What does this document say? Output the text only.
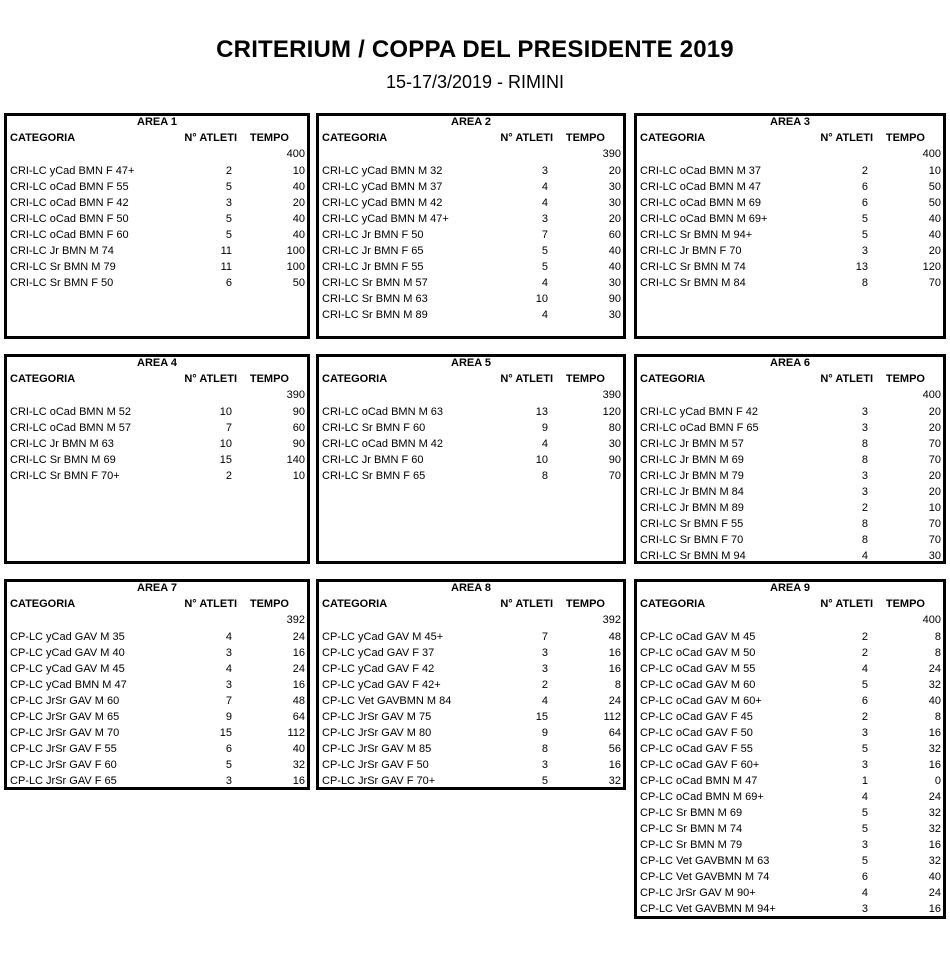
CRITERIUM / COPPA DEL PRESIDENTE 2019
15-17/3/2019 - RIMINI
AREA 1
CATEGORIA	N° ATLETI TEMPO
400
CRI-LC yCad BMN F 47+	2	10
CRI-LC oCad BMN F 55	5	40
CRI-LC oCad BMN F 42	3	20
CRI-LC oCad BMN F 50	5	40
CRI-LC oCad BMN F 60	5	40
CRI-LC Jr BMN M 74	11	100
CRI-LC Sr BMN M 79	11	100
CRI-LC Sr BMN F 50	6	50
AREA 2
CATEGORIA	N° ATLETI TEMPO
390
CRI-LC yCad BMN M 32	3	20
CRI-LC yCad BMN M 37	4	30
CRI-LC yCad BMN M 42	4	30
CRI-LC yCad BMN M 47+	3	20
CRI-LC Jr BMN F 50	7	60
CRI-LC Jr BMN F 65	5	40
CRI-LC Jr BMN F 55	5	40
CRI-LC Sr BMN M 57	4	30
CRI-LC Sr BMN M 63	10	90
CRI-LC Sr BMN M 89	4	30
AREA 3
CATEGORIA	N° ATLETI TEMPO
400
CRI-LC oCad BMN M 37	2	10
CRI-LC oCad BMN M 47	6	50
CRI-LC oCad BMN M 69	6	50
CRI-LC oCad BMN M 69+	5	40
CRI-LC Sr BMN M 94+	5	40
CRI-LC Jr BMN F 70	3	20
CRI-LC Sr BMN M 74	13	120
CRI-LC Sr BMN M 84	8	70
AREA 4
CATEGORIA	N° ATLETI TEMPO
390
CRI-LC oCad BMN M 52	10	90
CRI-LC oCad BMN M 57	7	60
CRI-LC Jr BMN M 63	10	90
CRI-LC Sr BMN M 69	15	140
CRI-LC Sr BMN F 70+	2	10
AREA 5
CATEGORIA	N° ATLETI TEMPO
390
CRI-LC oCad BMN M 63	13	120
CRI-LC Sr BMN F 60	9	80
CRI-LC oCad BMN M 42	4	30
CRI-LC Jr BMN F 60	10	90
CRI-LC Sr BMN F 65	8	70
AREA 6
CATEGORIA	N° ATLETI TEMPO
400
CRI-LC yCad BMN F 42	3	20
CRI-LC oCad BMN F 65	3	20
CRI-LC Jr BMN M 57	8	70
CRI-LC Jr BMN M 69	8	70
CRI-LC Jr BMN M 79	3	20
CRI-LC Jr BMN M 84	3	20
CRI-LC Jr BMN M 89	2	10
CRI-LC Sr BMN F 55	8	70
CRI-LC Sr BMN F 70	8	70
CRI-LC Sr BMN M 94	4	30
AREA 7
CATEGORIA	N° ATLETI TEMPO
392
CP-LC yCad GAV M 35	4	24
CP-LC yCad GAV M 40	3	16
CP-LC yCad GAV M 45	4	24
CP-LC yCad BMN M 47	3	16
CP-LC JrSr GAV M 60	7	48
CP-LC JrSr GAV M 65	9	64
CP-LC JrSr GAV M 70	15	112
CP-LC JrSr GAV F 55	6	40
CP-LC JrSr GAV F 60	5	32
CP-LC JrSr GAV F 65	3	16
AREA 8
CATEGORIA	N° ATLETI TEMPO
392
CP-LC yCad GAV M 45+	7	48
CP-LC yCad GAV F 37	3	16
CP-LC yCad GAV F 42	3	16
CP-LC yCad GAV F 42+	2	8
CP-LC Vet GAVBMN M 84	4	24
CP-LC JrSr GAV M 75	15	112
CP-LC JrSr GAV M 80	9	64
CP-LC JrSr GAV M 85	8	56
CP-LC JrSr GAV F 50	3	16
CP-LC JrSr GAV F 70+	5	32
AREA 9
CATEGORIA	N° ATLETI TEMPO
400
CP-LC oCad GAV M 45	2	8
CP-LC oCad GAV M 50	2	8
CP-LC oCad GAV M 55	4	24
CP-LC oCad GAV M 60	5	32
CP-LC oCad GAV M 60+	6	40
CP-LC oCad GAV F 45	2	8
CP-LC oCad GAV F 50	3	16
CP-LC oCad GAV F 55	5	32
CP-LC oCad GAV F 60+	3	16
CP-LC oCad BMN M 47	1	0
CP-LC oCad BMN M 69+	4	24
CP-LC Sr BMN M 69	5	32
CP-LC Sr BMN M 74	5	32
CP-LC Sr BMN M 79	3	16
CP-LC Vet GAVBMN M 63	5	32
CP-LC Vet GAVBMN M 74	6	40
CP-LC JrSr GAV M 90+	4	24
CP-LC Vet GAVBMN M 94+	3	16
